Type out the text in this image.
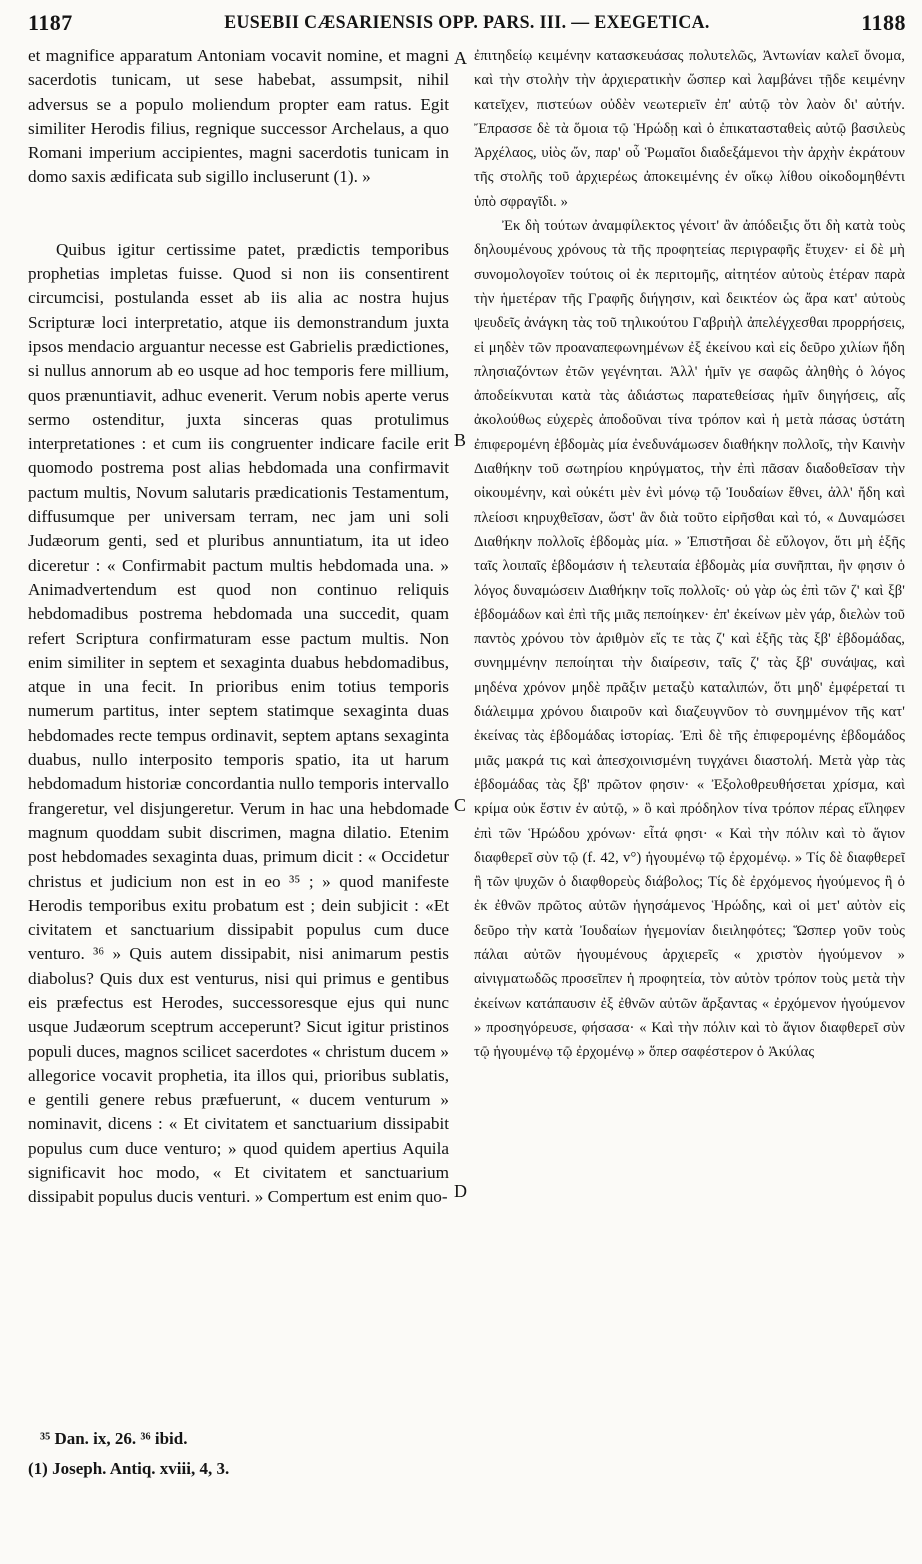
1187	EUSEBII CÆSARIENSIS OPP. PARS. III. — EXEGETICA.	1188

et magnifice apparatum Antoniam vocavit nomine, et magni sacerdotis tunicam, ut sese habebat, assumpsit, nihil adversus se a populo moliendum propter eam ratus. Egit similiter Herodis filius, regnique successor Archelaus, a quo Romani imperium accipientes, magni sacerdotis tunicam in domo saxis ædificata sub sigillo incluserunt (1). »

Quibus igitur certissime patet, prædictis temporibus prophetias impletas fuisse. Quod si non iis consentirent circumcisi, postulanda esset ab iis alia ac nostra hujus Scripturæ loci interpretatio, atque iis demonstrandum juxta ipsos mendacio arguantur necesse est Gabrielis prædictiones, si nullus annorum ab eo usque ad hoc temporis fere millium, quos prænuntiavit, adhuc evenerit. Verum nobis aperte verus sermo ostenditur, juxta sinceras quas protulimus interpretationes : et cum iis congruenter indicare facile erit quomodo postrema post alias hebdomada una confirmavit pactum multis, Novum salutaris prædicationis Testamentum, diffusumque per universam terram, nec jam uni soli Judæorum genti, sed et pluribus annuntiatum, ita ut ideo diceretur : « Confirmabit pactum multis hebdomada una. » Animadvertendum est quod non continuo reliquis hebdomadibus postrema hebdomada una succedit, quam refert Scriptura confirmaturam esse pactum multis. Non enim similiter in septem et sexaginta duabus hebdomadibus, atque in una fecit. In prioribus enim totius temporis numerum partitus, inter septem statimque sexaginta duas hebdomades recte tempus ordinavit, septem aptans sexaginta duabus, nullo interposito temporis spatio, ita ut harum hebdomadum historiæ concordantia nullo temporis intervallo frangeretur, vel disjungeretur. Verum in hac una hebdomade magnum quoddam subit discrimen, magna dilatio. Etenim post hebdomades sexaginta duas, primum dicit : « Occidetur christus et judicium non est in eo ³⁵ ; » quod manifeste Herodis temporibus exitu probatum est ; dein subjicit : «Et civitatem et sanctuarium dissipabit populus cum duce venturo. ³⁶ » Quis autem dissipabit, nisi animarum pestis diabolus? Quis dux est venturus, nisi qui primus e gentibus eis præfectus est Herodes, successoresque ejus qui nunc usque Judæorum sceptrum acceperunt? Sicut igitur pristinos populi duces, magnos scilicet sacerdotes « christum ducem » allegorice vocavit prophetia, ita illos qui, prioribus sublatis, e gentili genere rebus præfuerunt, « ducem venturum » nominavit, dicens : « Et civitatem et sanctuarium dissipabit populus cum duce venturo; » quod quidem apertius Aquila significavit hoc modo, « Et civitatem et sanctuarium dissipabit populus ducis venturi. » Compertum est enim quo-

ἐπιτηδείῳ κειμένην κατασκευάσας πολυτελῶς, Ἀντωνίαν καλεῖ ὄνομα, καὶ τὴν στολὴν τὴν ἀρχιερατικὴν ὥσπερ καὶ λαμβάνει τῇδε κειμένην κατεῖχεν, πιστεύων οὐδὲν νεωτεριεῖν ἐπ' αὐτῷ τὸν λαὸν δι' αὐτήν. Ἔπρασσε δὲ τὰ ὅμοια τῷ Ἡρώδῃ καὶ ὁ ἐπικατασταθεὶς αὐτῷ βασιλεὺς Ἀρχέλαος, υἱὸς ὤν, παρ' οὗ Ῥωμαῖοι διαδεξάμενοι τὴν ἀρχὴν ἐκράτουν τῆς στολῆς τοῦ ἀρχιερέως ἀποκειμένης ἐν οἴκῳ λίθου οἰκοδομηθέντι ὑπὸ σφραγῖδι. »

Ἐκ δὴ τούτων ἀναμφίλεκτος γένοιτ' ἂν ἀπόδειξις ὅτι δὴ κατὰ τοὺς δηλουμένους χρόνους τὰ τῆς προφητείας περιγραφῆς ἔτυχεν· εἰ δὲ μὴ συνομολογοῖεν τούτοις οἱ ἐκ περιτομῆς, αἰτητέον αὐτοὺς ἑτέραν παρὰ τὴν ἡμετέραν τῆς Γραφῆς διήγησιν, καὶ δεικτέον ὡς ἄρα κατ' αὐτοὺς ψευδεῖς ἀνάγκη τὰς τοῦ τηλικούτου Γαβριὴλ ἀπελέγχεσθαι προρρήσεις, εἰ μηδὲν τῶν προαναπεφωνημένων ἐξ ἐκείνου καὶ εἰς δεῦρο χιλίων ἤδη πλησιαζόντων ἐτῶν γεγένηται. Ἀλλ' ἡμῖν γε σαφῶς ἀληθὴς ὁ λόγος ἀποδείκνυται κατὰ τὰς ἀδιάστως παρατεθείσας ἡμῖν διηγήσεις, αἷς ἀκολούθως εὐχερὲς ἀποδοῦναι τίνα τρόπον καὶ ἡ μετὰ πάσας ὑστάτη ἐπιφερομένη ἑβδομὰς μία ἐνεδυνάμωσεν διαθήκην πολλοῖς, τὴν Καινὴν Διαθήκην τοῦ σωτηρίου κηρύγματος, τὴν ἐπὶ πᾶσαν διαδοθεῖσαν τὴν οἰκουμένην, καὶ οὐκέτι μὲν ἑνὶ μόνῳ τῷ Ἰουδαίων ἔθνει, ἀλλ' ἤδη καὶ πλείοσι κηρυχθεῖσαν, ὥστ' ἂν διὰ τοῦτο εἰρῆσθαι καὶ τό, « Δυναμώσει Διαθήκην πολλοῖς ἑβδομὰς μία. » Ἐπιστῆσαι δὲ εὔλογον, ὅτι μὴ ἑξῆς ταῖς λοιπαῖς ἑβδομάσιν ἡ τελευταία ἑβδομὰς μία συνῆπται, ἣν φησιν ὁ λόγος δυναμώσειν Διαθήκην τοῖς πολλοῖς· οὐ γὰρ ὡς ἐπὶ τῶν ζ' καὶ ξβ' ἑβδομάδων καὶ ἐπὶ τῆς μιᾶς πεποίηκεν· ἐπ' ἐκείνων μὲν γάρ, διελὼν τοῦ παντὸς χρόνου τὸν ἀριθμὸν εἴς τε τὰς ζ' καὶ ἑξῆς τὰς ξβ' ἑβδομάδας, συνημμένην πεποίηται τὴν διαίρεσιν, ταῖς ζ' τὰς ξβ' συνάψας, καὶ μηδένα χρόνον μηδὲ πρᾶξιν μεταξὺ καταλιπών, ὅτι μηδ' ἐμφέρεταί τι διάλειμμα χρόνου διαιροῦν καὶ διαζευγνῦον τὸ συνημμένον τῆς κατ' ἐκείνας τὰς ἑβδομάδας ἱστορίας. Ἐπὶ δὲ τῆς ἐπιφερομένης ἑβδομάδος μιᾶς μακρά τις καὶ ἀπεσχοινισμένη τυγχάνει διαστολή. Μετὰ γὰρ τὰς ἑβδομάδας τὰς ξβ' πρῶτον φησιν· « Ἐξολοθρευθήσεται χρίσμα, καὶ κρίμα οὐκ ἔστιν ἐν αὐτῷ, » ὃ καὶ πρόδηλον τίνα τρόπον πέρας εἴληφεν ἐπὶ τῶν Ἡρώδου χρόνων· εἶτά φησι· « Καὶ τὴν πόλιν καὶ τὸ ἅγιον διαφθερεῖ σὺν τῷ (f. 42, v°) ἡγουμένῳ τῷ ἐρχομένῳ. » Τίς δὲ διαφθερεῖ ἢ τῶν ψυχῶν ὁ διαφθορεὺς διάβολος; Τίς δὲ ἐρχόμενος ἡγούμενος ἢ ὁ ἐκ ἐθνῶν πρῶτος αὐτῶν ἡγησάμενος Ἡρώδης, καὶ οἱ μετ' αὐτὸν εἰς δεῦρο τὴν κατὰ Ἰουδαίων ἡγεμονίαν διειληφότες; Ὥσπερ γοῦν τοὺς πάλαι αὐτῶν ἡγουμένους ἀρχιερεῖς « χριστὸν ἡγούμενον » αἰνιγματωδῶς προσεῖπεν ἡ προφητεία, τὸν αὐτὸν τρόπον τοὺς μετὰ τὴν ἐκείνων κατάπαυσιν ἐξ ἐθνῶν αὐτῶν ἄρξαντας « ἐρχόμενον ἡγούμενον » προσηγόρευσε, φήσασα· « Καὶ τὴν πόλιν καὶ τὸ ἅγιον διαφθερεῖ σὺν τῷ ἡγουμένῳ τῷ ἐρχομένῳ » ὅπερ σαφέστερον ὁ Ἀκύλας

A
B
C
D

³⁵ Dan. ix, 26. ³⁶ ibid.

(1) Joseph. Antiq. xviii, 4, 3.
